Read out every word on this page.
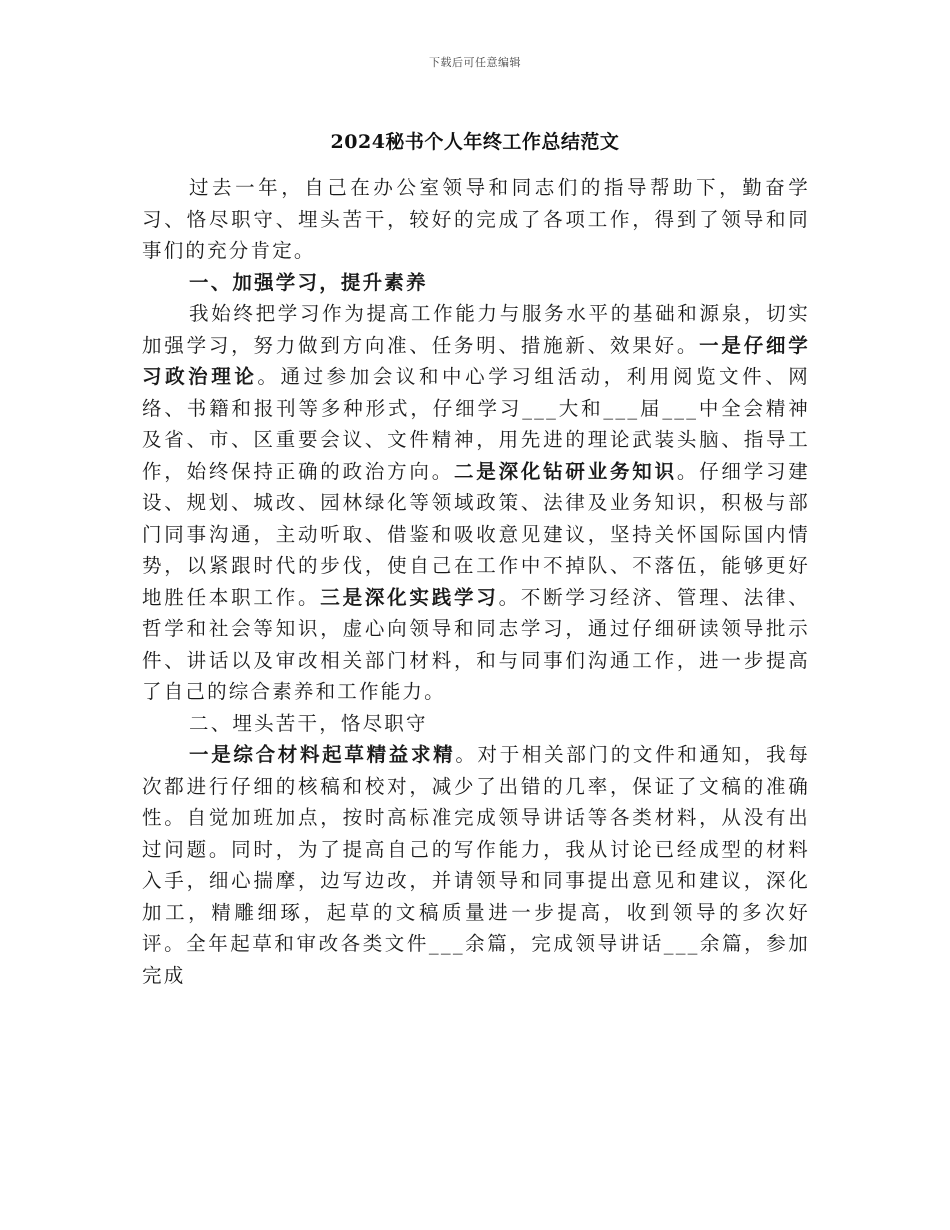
下载后可任意编辑
2024秘书个人年终工作总结范文

过去一年，自己在办公室领导和同志们的指导帮助下，勤奋学习、恪尽职守、埋头苦干，较好的完成了各项工作，得到了领导和同事们的充分肯定。

一、加强学习，提升素养

我始终把学习作为提高工作能力与服务水平的基础和源泉，切实加强学习，努力做到方向准、任务明、措施新、效果好。一是仔细学习政治理论。通过参加会议和中心学习组活动，利用阅览文件、网络、书籍和报刊等多种形式，仔细学习___大和___届___中全会精神及省、市、区重要会议、文件精神，用先进的理论武装头脑、指导工作，始终保持正确的政治方向。二是深化钻研业务知识。仔细学习建设、规划、城改、园林绿化等领域政策、法律及业务知识，积极与部门同事沟通，主动听取、借鉴和吸收意见建议，坚持关怀国际国内情势，以紧跟时代的步伐，使自己在工作中不掉队、不落伍，能够更好地胜任本职工作。三是深化实践学习。不断学习经济、管理、法律、哲学和社会等知识，虚心向领导和同志学习，通过仔细研读领导批示件、讲话以及审改相关部门材料，和与同事们沟通工作，进一步提高了自己的综合素养和工作能力。

二、埋头苦干，恪尽职守

一是综合材料起草精益求精。对于相关部门的文件和通知，我每次都进行仔细的核稿和校对，减少了出错的几率，保证了文稿的准确性。自觉加班加点，按时高标准完成领导讲话等各类材料，从没有出过问题。同时，为了提高自己的写作能力，我从讨论已经成型的材料入手，细心揣摩，边写边改，并请领导和同事提出意见和建议，深化加工，精雕细琢，起草的文稿质量进一步提高，收到领导的多次好评。全年起草和审改各类文件___余篇，完成领导讲话___余篇，参加完成
